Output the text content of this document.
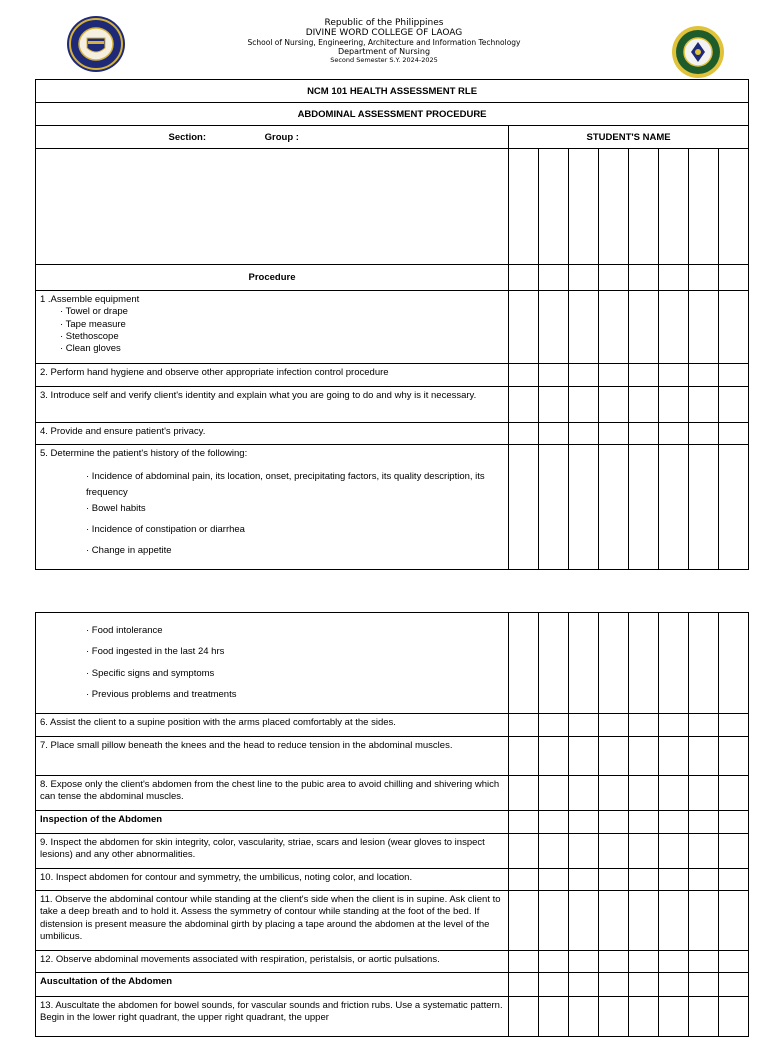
Republic of the Philippines
DIVINE WORD COLLEGE OF LAOAG
School of Nursing, Engineering, Architecture and Information Technology
Department of Nursing
Second Semester S.Y. 2024-2025
NCM 101 HEALTH ASSESSMENT RLE								
ABDOMINAL ASSESSMENT PROCEDURE								
Section: Group :	STUDENT'S NAME							

Procedure								

1 .Assemble equipment
· Towel or drape
· Tape measure
· Stethoscope
· Clean gloves								

2. Perform hand hygiene and observe other appropriate infection control procedure								
3. Introduce self and verify client's identity and explain what you are going to do and why is it necessary.								
4. Provide and ensure patient's privacy.								

5. Determine the patient's history of the following:
· Incidence of abdominal pain, its location, onset, precipitating factors, its quality description, its frequency
· Bowel habits
· Incidence of constipation or diarrhea
· Change in appetite								

· Food intolerance
· Food ingested in the last 24 hrs
· Specific signs and symptoms
· Previous problems and treatments								

6. Assist the client to a supine position with the arms placed comfortably at the sides.								
7. Place small pillow beneath the knees and the head to reduce tension in the abdominal muscles.								
8. Expose only the client's abdomen from the chest line to the pubic area to avoid chilling and shivering which can tense the abdominal muscles.								
Inspection of the Abdomen								
9. Inspect the abdomen for skin integrity, color, vascularity, striae, scars and lesion (wear gloves to inspect lesions) and any other abnormalities.								
10. Inspect abdomen for contour and symmetry, the umbilicus, noting color, and location.								
11. Observe the abdominal contour while standing at the client's side when the client is in supine. Ask client to take a deep breath and to hold it. Assess the symmetry of contour while standing at the foot of the bed. If distension is present measure the abdominal girth by placing a tape around the abdomen at the level of the umbilicus.								
12. Observe abdominal movements associated with respiration, peristalsis, or aortic pulsations.								
Auscultation of the Abdomen								
13. Auscultate the abdomen for bowel sounds, for vascular sounds and friction rubs. Use a systematic pattern. Begin in the lower right quadrant, the upper right quadrant, the upper								
